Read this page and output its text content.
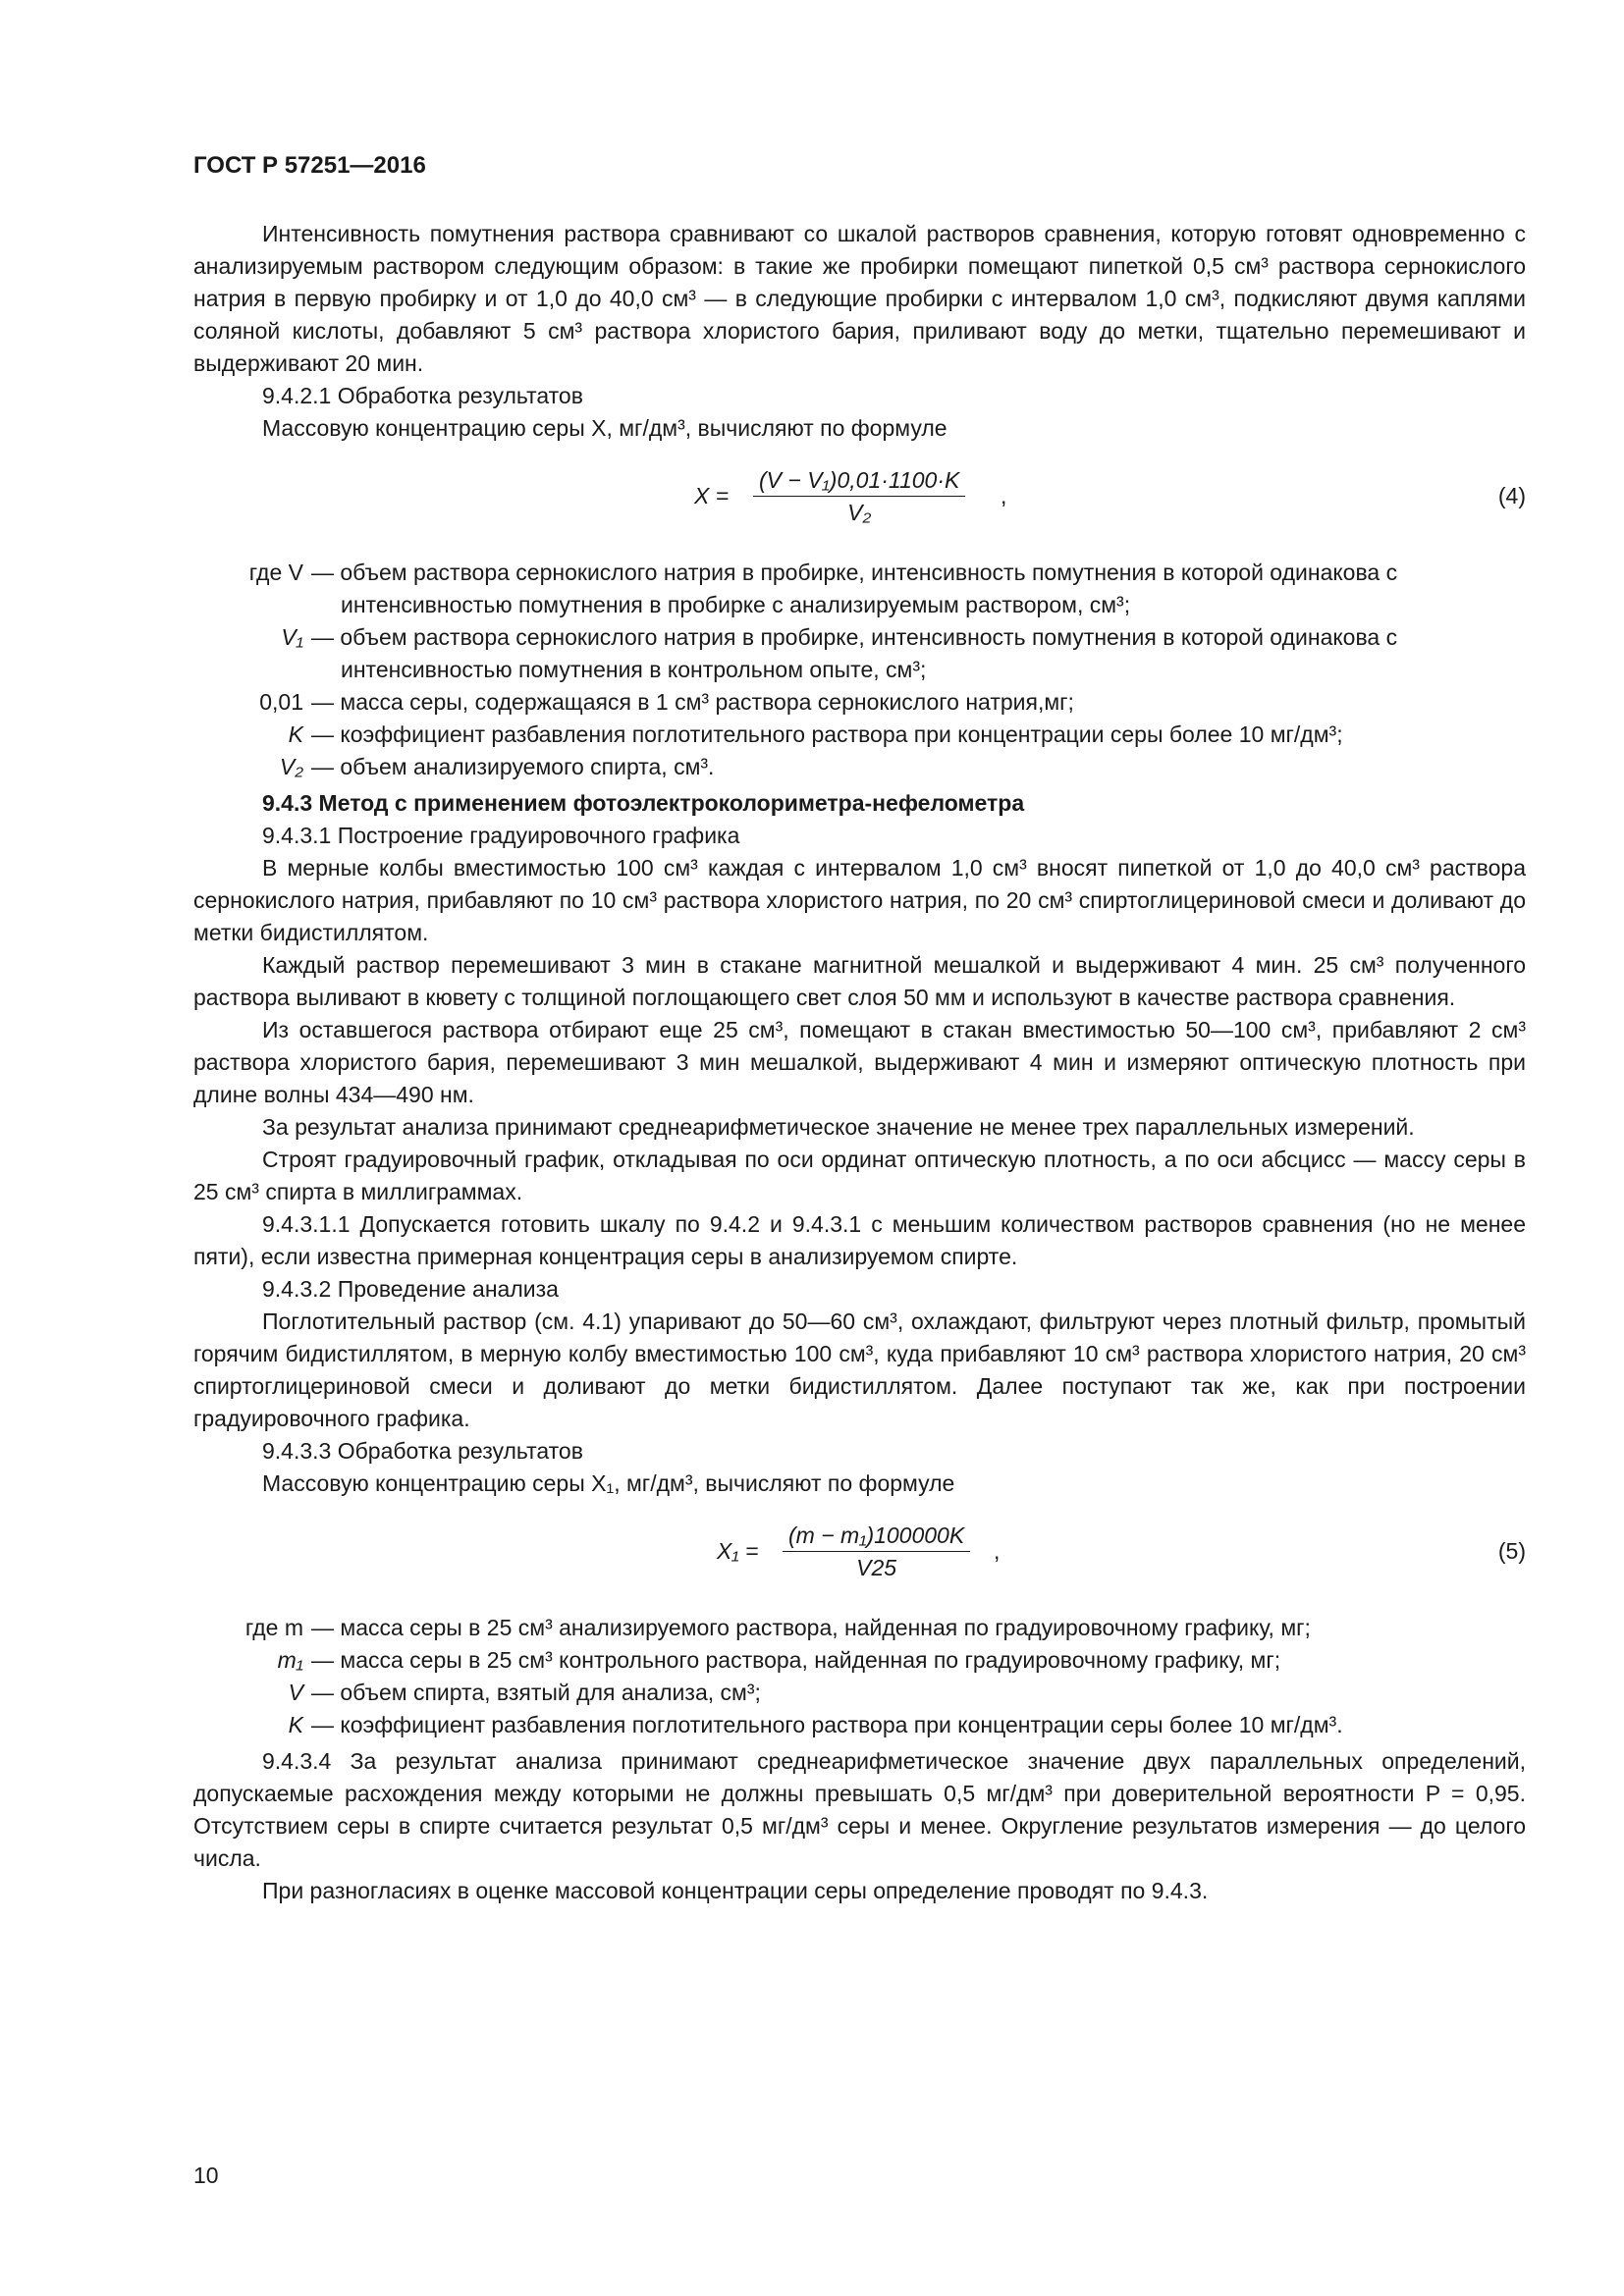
ГОСТ Р 57251—2016

Интенсивность помутнения раствора сравнивают со шкалой растворов сравнения, которую готовят одновременно с анализируемым раствором следующим образом: в такие же пробирки помещают пипеткой 0,5 см³ раствора сернокислого натрия в первую пробирку и от 1,0 до 40,0 см³ — в следующие пробирки с интервалом 1,0 см³, подкисляют двумя каплями соляной кислоты, добавляют 5 см³ раствора хлористого бария, приливают воду до метки, тщательно перемешивают и выдерживают 20 мин.

9.4.2.1 Обработка результатов

Массовую концентрацию серы X, мг/дм³, вычисляют по формуле

$X = \frac{\text{(V − V₁)0,01·1100·K}}{\text{V₂}}$ ,	(4)
где V — объем раствора сернокислого натрия в пробирке, интенсивность помутнения в которой одинакова с интенсивностью помутнения в пробирке с анализируемым раствором, см³;
V₁ — объем раствора сернокислого натрия в пробирке, интенсивность помутнения в которой одинакова с интенсивностью помутнения в контрольном опыте, см³;
0,01 — масса серы, содержащаяся в 1 см³ раствора сернокислого натрия,мг;
K — коэффициент разбавления поглотительного раствора при концентрации серы более 10 мг/дм³;
V₂ — объем анализируемого спирта, см³.

9.4.3 Метод с применением фотоэлектроколориметра-нефелометра

9.4.3.1 Построение градуировочного графика

В мерные колбы вместимостью 100 см³ каждая с интервалом 1,0 см³ вносят пипеткой от 1,0 до 40,0 см³ раствора сернокислого натрия, прибавляют по 10 см³ раствора хлористого натрия, по 20 см³ спиртоглицериновой смеси и доливают до метки бидистиллятом.

Каждый раствор перемешивают 3 мин в стакане магнитной мешалкой и выдерживают 4 мин. 25 см³ полученного раствора выливают в кювету с толщиной поглощающего свет слоя 50 мм и используют в качестве раствора сравнения.

Из оставшегося раствора отбирают еще 25 см³, помещают в стакан вместимостью 50—100 см³, прибавляют 2 см³ раствора хлористого бария, перемешивают 3 мин мешалкой, выдерживают 4 мин и измеряют оптическую плотность при длине волны 434—490 нм.

За результат анализа принимают среднеарифметическое значение не менее трех параллельных измерений.

Строят градуировочный график, откладывая по оси ординат оптическую плотность, а по оси абсцисс — массу серы в 25 см³ спирта в миллиграммах.

9.4.3.1.1 Допускается готовить шкалу по 9.4.2 и 9.4.3.1 с меньшим количеством растворов сравнения (но не менее пяти), если известна примерная концентрация серы в анализируемом спирте.

9.4.3.2 Проведение анализа

Поглотительный раствор (см. 4.1) упаривают до 50—60 см³, охлаждают, фильтруют через плотный фильтр, промытый горячим бидистиллятом, в мерную колбу вместимостью 100 см³, куда прибавляют 10 см³ раствора хлористого натрия, 20 см³ спиртоглицериновой смеси и доливают до метки бидистиллятом. Далее поступают так же, как при построении градуировочного графика.

9.4.3.3 Обработка результатов

Массовую концентрацию серы X₁, мг/дм³, вычисляют по формуле

$X_1 = \frac{\text{(m − m₁)100000K}}{V25}$ ,	(5)
где m — масса серы в 25 см³ анализируемого раствора, найденная по градуировочному графику, мг;
m₁ — масса серы в 25 см³ контрольного раствора, найденная по градуировочному графику, мг;
V — объем спирта, взятый для анализа, см³;
K — коэффициент разбавления поглотительного раствора при концентрации серы более 10 мг/дм³.

9.4.3.4 За результат анализа принимают среднеарифметическое значение двух параллельных определений, допускаемые расхождения между которыми не должны превышать 0,5 мг/дм³ при доверительной вероятности P = 0,95. Отсутствием серы в спирте считается результат 0,5 мг/дм³ серы и менее. Округление результатов измерения — до целого числа.

При разногласиях в оценке массовой концентрации серы определение проводят по 9.4.3.

10
